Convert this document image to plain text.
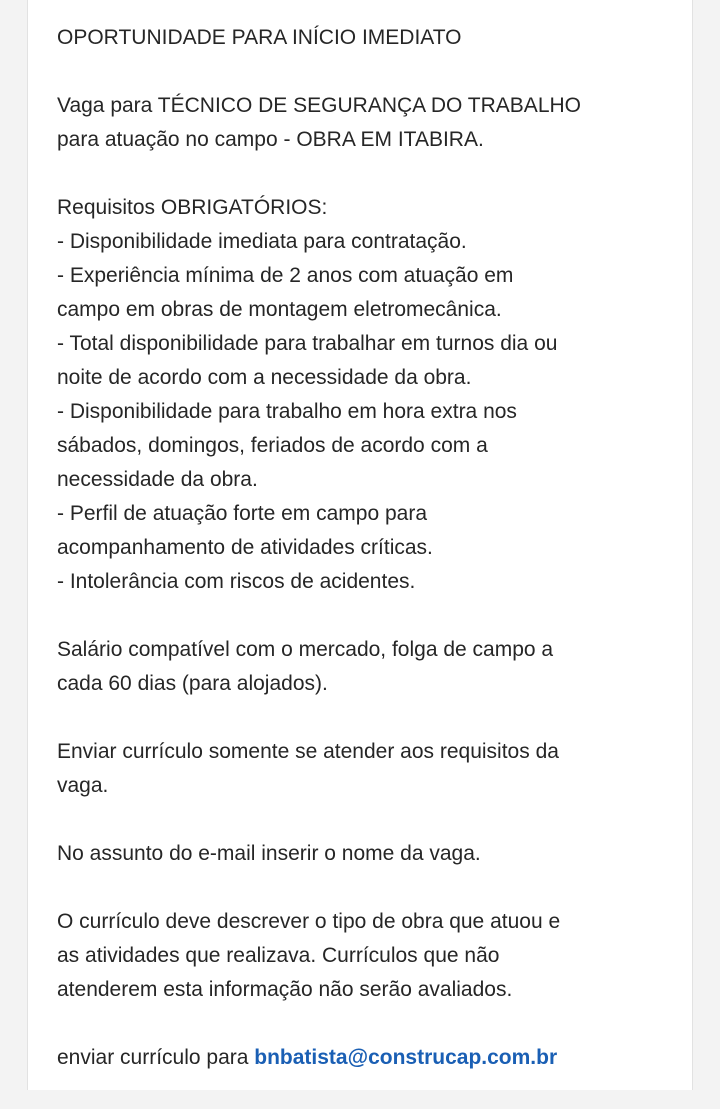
OPORTUNIDADE PARA INÍCIO IMEDIATO
Vaga para TÉCNICO DE SEGURANÇA DO TRABALHO
para atuação no campo - OBRA EM ITABIRA.
Requisitos OBRIGATÓRIOS:
- Disponibilidade imediata para contratação.
- Experiência mínima de 2 anos com atuação em
campo em obras de montagem eletromecânica.
- Total disponibilidade para trabalhar em turnos dia ou
noite de acordo com a necessidade da obra.
- Disponibilidade para trabalho em hora extra nos
sábados, domingos, feriados de acordo com a
necessidade da obra.
- Perfil de atuação forte em campo para
acompanhamento de atividades críticas.
- Intolerância com riscos de acidentes.
Salário compatível com o mercado, folga de campo a
cada 60 dias (para alojados).
Enviar currículo somente se atender aos requisitos da
vaga.
No assunto do e-mail inserir o nome da vaga.
O currículo deve descrever o tipo de obra que atuou e
as atividades que realizava. Currículos que não
atenderem esta informação não serão avaliados.
enviar currículo para bnbatista@construcap.com.br
